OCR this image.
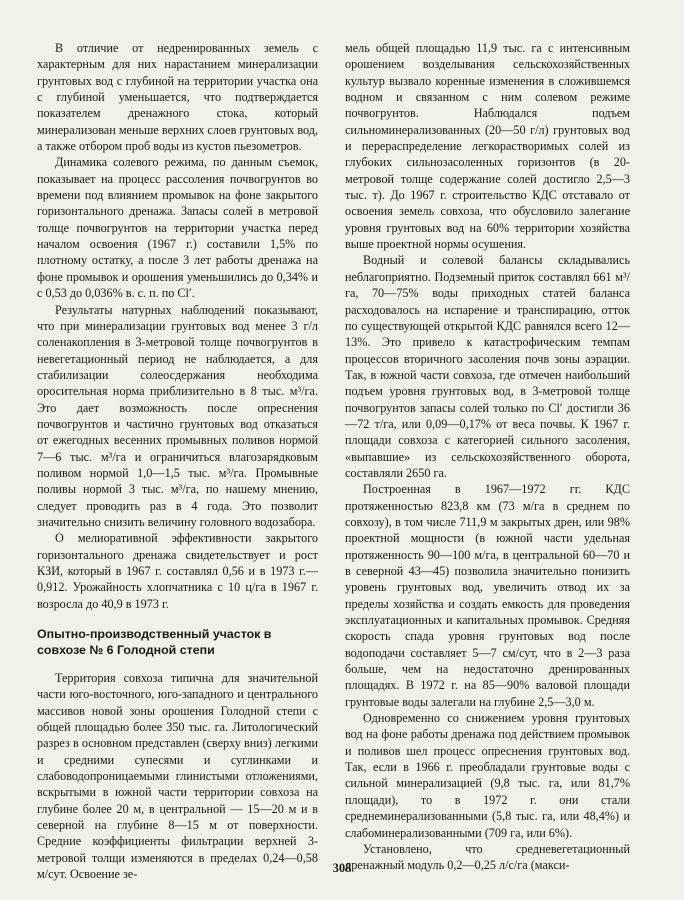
В отличие от недренированных земель с характерным для них нарастанием минерализации грунтовых вод с глубиной на территории участка она с глубиной уменьшается, что подтверждается показателем дренажного стока, который минерализован меньше верхних слоев грунтовых вод, а также отбором проб воды из кустов пьезометров.

Динамика солевого режима, по данным съемок, показывает на процесс рассоления почвогрунтов во времени под влиянием промывок на фоне закрытого горизонтального дренажа. Запасы солей в метровой толще почвогрунтов на территории участка перед началом освоения (1967 г.) составили 1,5% по плотному остатку, а после 3 лет работы дренажа на фоне промывок и орошения уменьшились до 0,34% и с 0,53 до 0,036% в. с. п. по Cl′.

Результаты натурных наблюдений показывают, что при минерализации грунтовых вод менее 3 г/л соленакопления в 3-метровой толще почвогрунтов в невегетационный период не наблюдается, а для стабилизации солеосдержания необходима оросительная норма приблизительно в 8 тыс. м³/га. Это дает возможность после опреснения почвогрунтов и частично грунтовых вод отказаться от ежегодных весенних промывных поливов нормой 7—6 тыс. м³/га и ограничиться влагозарядковым поливом нормой 1,0—1,5 тыс. м³/га. Промывные поливы нормой 3 тыс. м³/га, по нашему мнению, следует проводить раз в 4 года. Это позволит значительно снизить величину головного водозабора.

О мелиоративной эффективности закрытого горизонтального дренажа свидетельствует и рост КЗИ, который в 1967 г. составлял 0,56 и в 1973 г.— 0,912. Урожайность хлопчатника с 10 ц/га в 1967 г. возросла до 40,9 в 1973 г.

Опытно-производственный участок в совхозе № 6 Голодной степи

Территория совхоза типична для значительной части юго-восточного, юго-западного и центрального массивов новой зоны орошения Голодной степи с общей площадью более 350 тыс. га. Литологический разрез в основном представлен (сверху вниз) легкими и средними супесями и суглинками и слабоводопроницаемыми глинистыми отложениями, вскрытыми в южной части территории совхоза на глубине более 20 м, в центральной — 15—20 м и в северной на глубине 8—15 м от поверхности. Средние коэффициенты фильтрации верхней 3-метровой толщи изменяются в пределах 0,24—0,58 м/сут. Освоение зе-

мель общей площадью 11,9 тыс. га с интенсивным орошением возделывания сельскохозяйственных культур вызвало коренные изменения в сложившемся водном и связанном с ним солевом режиме почвогрунтов. Наблюдался подъем сильноминерализованных (20—50 г/л) грунтовых вод и перераспределение легкорастворимых солей из глубоких сильнозасоленных горизонтов (в 20-метровой толще содержание солей достигло 2,5—3 тыс. т). До 1967 г. строительство КДС отставало от освоения земель совхоза, что обусловило залегание уровня грунтовых вод на 60% территории хозяйства выше проектной нормы осушения.

Водный и солевой балансы складывались неблагоприятно. Подземный приток составлял 661 м³/га, 70—75% воды приходных статей баланса расходовалось на испарение и транспирацию, отток по существующей открытой КДС равнялся всего 12—13%. Это привело к катастрофическим темпам процессов вторичного засоления почв зоны аэрации. Так, в южной части совхоза, где отмечен наибольший подъем уровня грунтовых вод, в 3-метровой толще почвогрунтов запасы солей только по Cl′ достигли 36—72 т/га, или 0,09—0,17% от веса почвы. К 1967 г. площади совхоза с категорией сильного засоления, «выпавшие» из сельскохозяйственного оборота, составляли 2650 га.

Построенная в 1967—1972 гг. КДС протяженностью 823,8 км (73 м/га в среднем по совхозу), в том числе 711,9 м закрытых дрен, или 98% проектной мощности (в южной части удельная протяженность 90—100 м/га, в центральной 60—70 и в северной 43—45) позволила значительно понизить уровень грунтовых вод, увеличить отвод их за пределы хозяйства и создать емкость для проведения эксплуатационных и капитальных промывок. Средняя скорость спада уровня грунтовых вод после водоподачи составляет 5—7 см/сут, что в 2—3 раза больше, чем на недостаточно дренированных площадях. В 1972 г. на 85—90% валовой площади грунтовые воды залегали на глубине 2,5—3,0 м.

Одновременно со снижением уровня грунтовых вод на фоне работы дренажа под действием промывок и поливов шел процесс опреснения грунтовых вод. Так, если в 1966 г. преобладали грунтовые воды с сильной минерализацией (9,8 тыс. га, или 81,7% площади), то в 1972 г. они стали среднеминерализованными (5,8 тыс. га, или 48,4%) и слабоминерализованными (709 га, или 6%).

Установлено, что средневегетационный дренажный модуль 0,2—0,25 л/с/га (макси-

308
